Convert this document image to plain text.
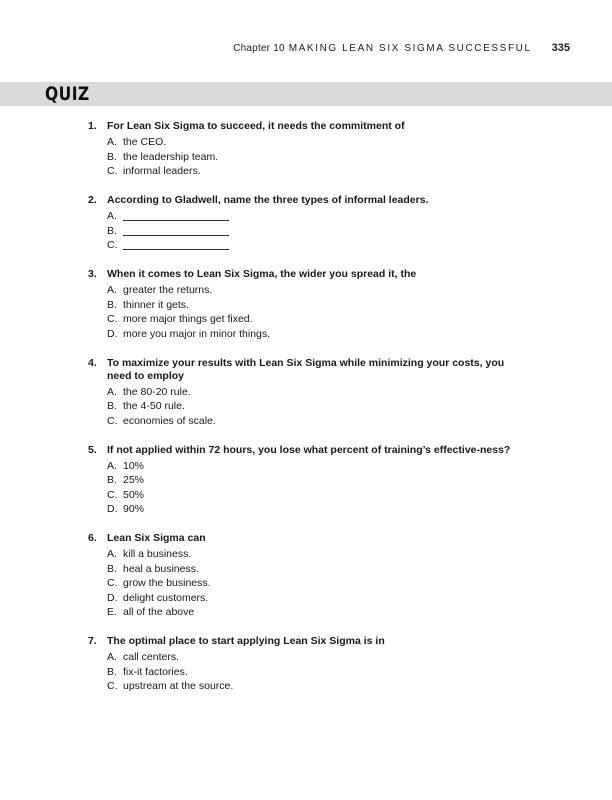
Chapter 10 MAKING LEAN SIX SIGMA SUCCESSFUL 335
QUIZ
1. For Lean Six Sigma to succeed, it needs the commitment of
A. the CEO.
B. the leadership team.
C. informal leaders.
2. According to Gladwell, name the three types of informal leaders.
A.
B.
C.
3. When it comes to Lean Six Sigma, the wider you spread it, the
A. greater the returns.
B. thinner it gets.
C. more major things get fixed.
D. more you major in minor things.
4. To maximize your results with Lean Six Sigma while minimizing your costs, you need to employ
A. the 80-20 rule.
B. the 4-50 rule.
C. economies of scale.
5. If not applied within 72 hours, you lose what percent of training’s effective-ness?
A. 10%
B. 25%
C. 50%
D. 90%
6. Lean Six Sigma can
A. kill a business.
B. heal a business.
C. grow the business.
D. delight customers.
E. all of the above
7. The optimal place to start applying Lean Six Sigma is in
A. call centers.
B. fix-it factories.
C. upstream at the source.
